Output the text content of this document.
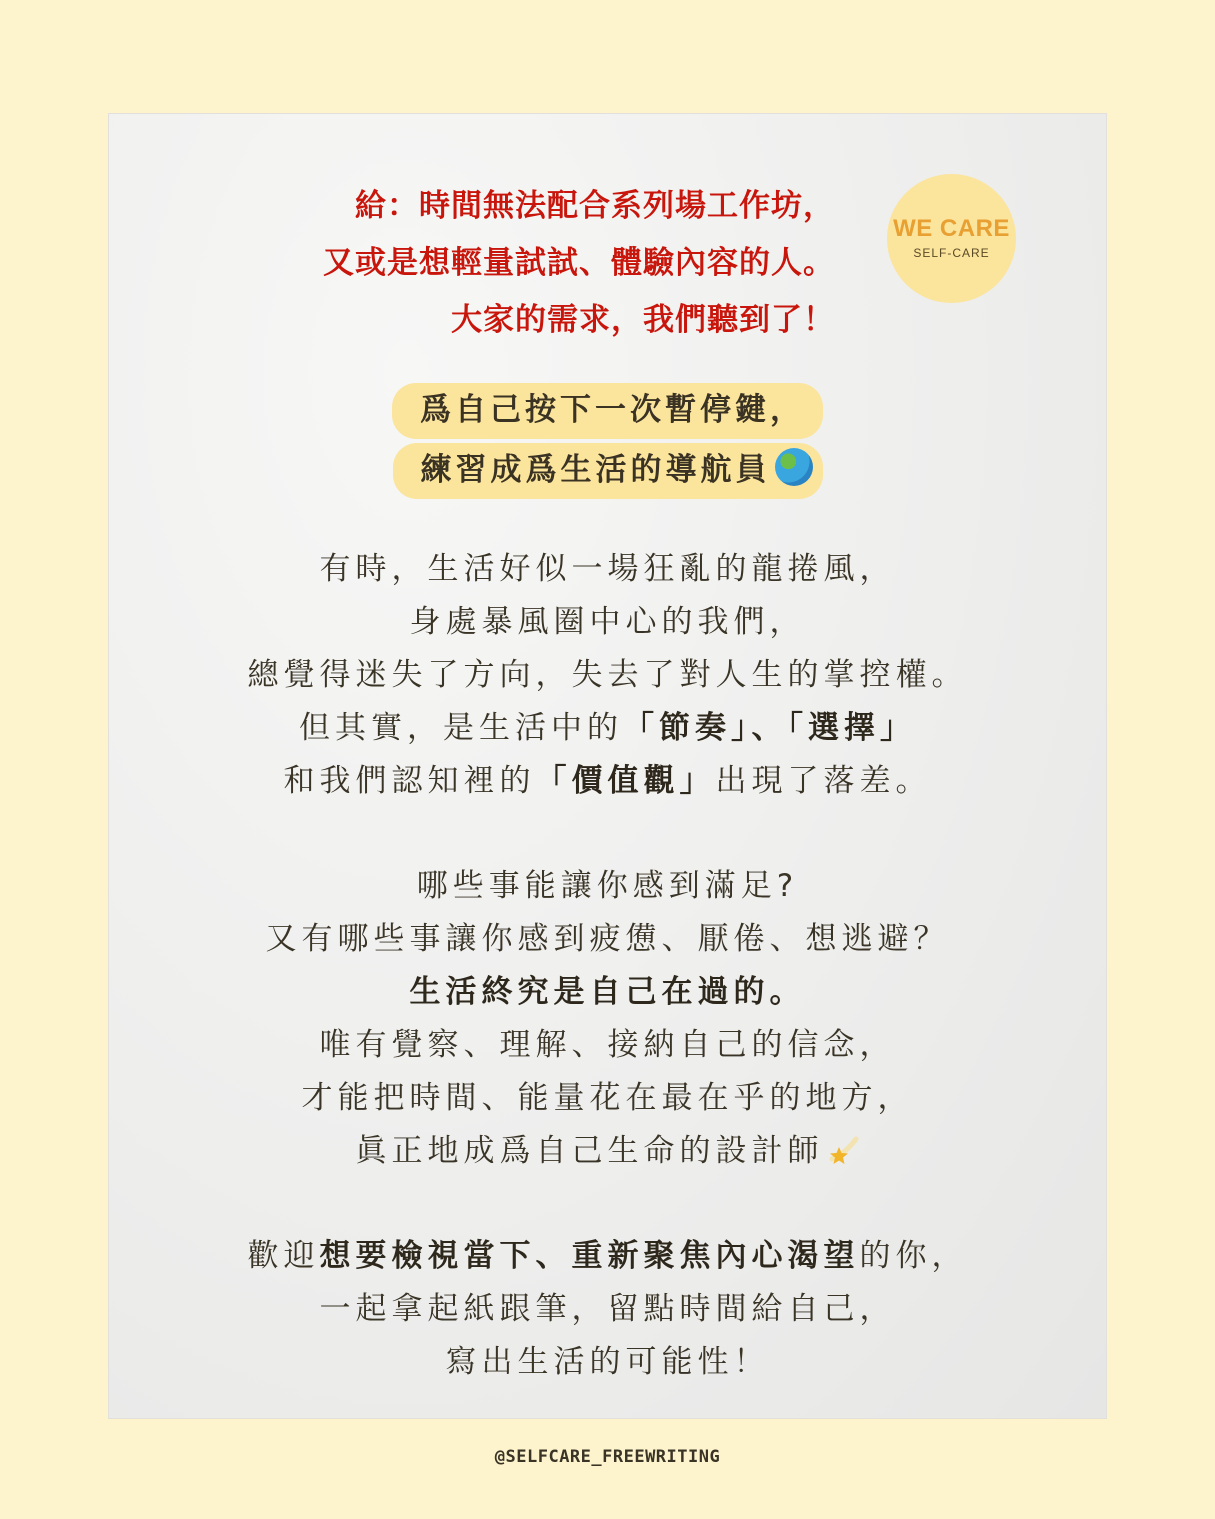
給：時間無法配合系列場工作坊，
又或是想輕量試試、體驗內容的人。
大家的需求，我們聽到了！
WE CARE
SELF-CARE
爲自己按下一次暫停鍵，
練習成爲生活的導航員
有時，生活好似一場狂亂的龍捲風，
身處暴風圈中心的我們，
總覺得迷失了方向，失去了對人生的掌控權。
但其實，是生活中的「節奏」、「選擇」
和我們認知裡的「價值觀」出現了落差。
哪些事能讓你感到滿足?
又有哪些事讓你感到疲憊、厭倦、想逃避？
生活終究是自己在過的。
唯有覺察、理解、接納自己的信念，
才能把時間、能量花在最在乎的地方，
眞正地成爲自己生命的設計師
歡迎想要檢視當下、重新聚焦內心渴望的你，
一起拿起紙跟筆，留點時間給自己，
寫出生活的可能性！
@SELFCARE_FREEWRITING
